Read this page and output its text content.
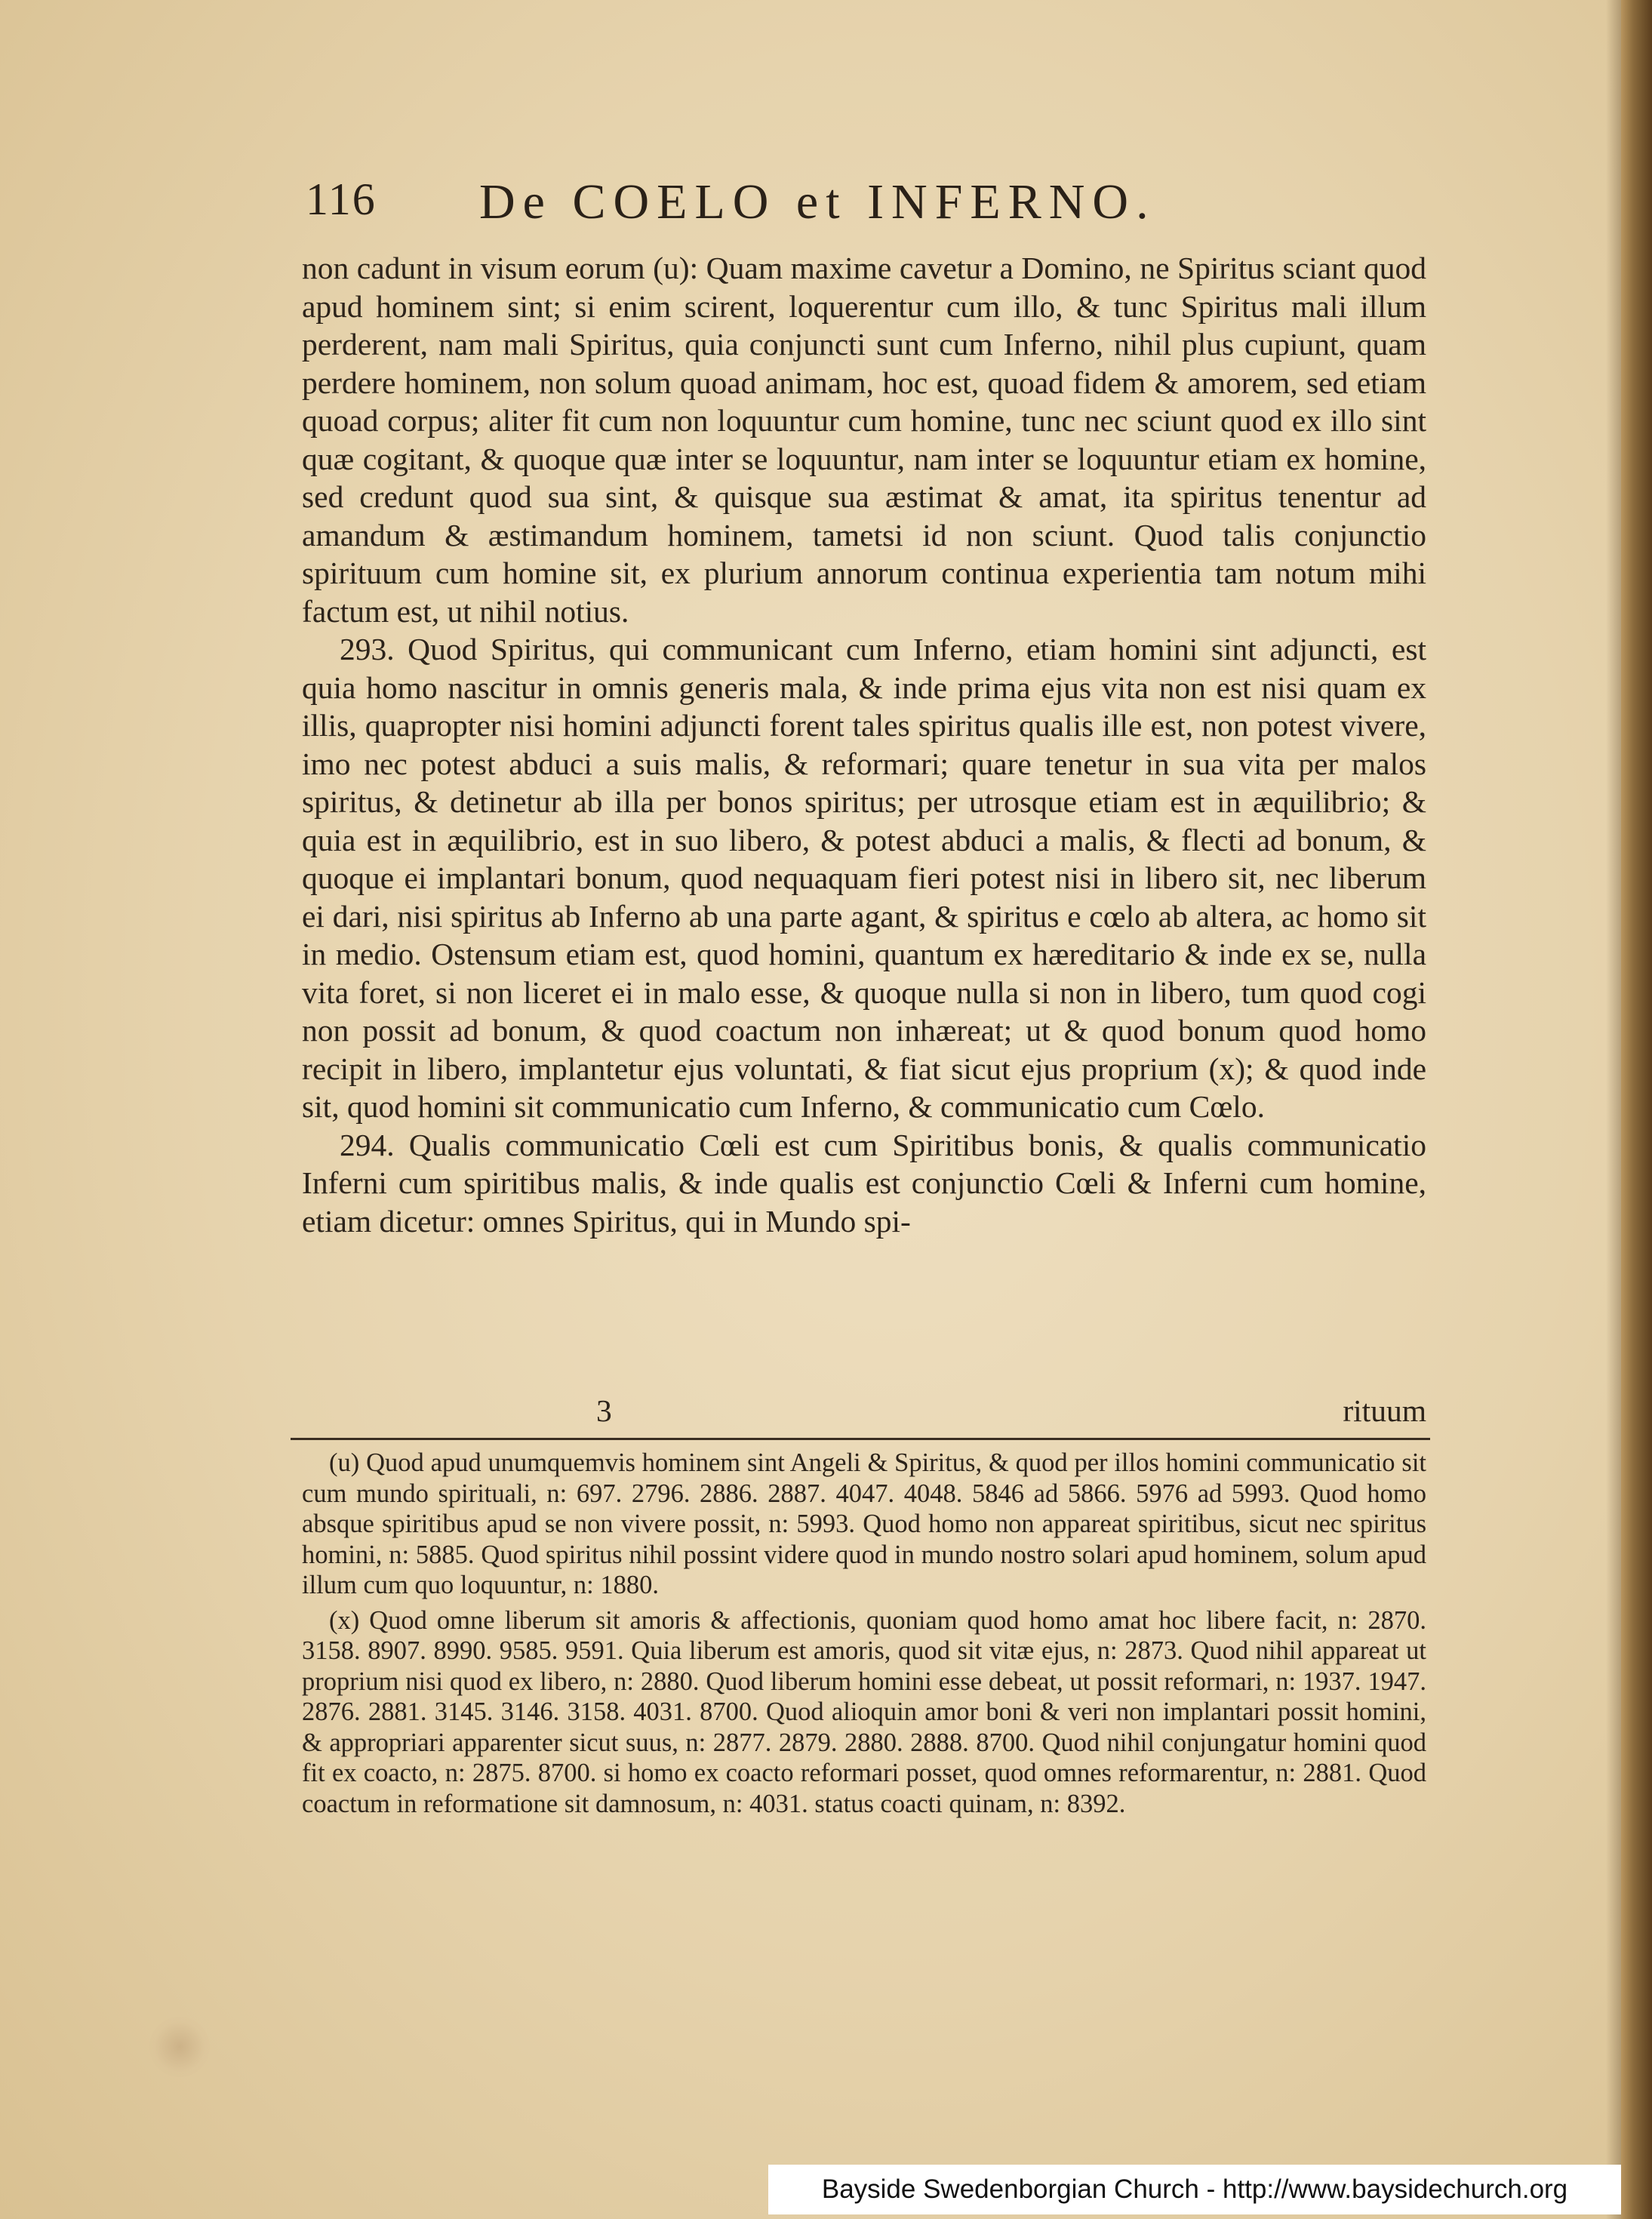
116 De COELO et INFERNO.

non cadunt in visum eorum (u): Quam maxime cavetur a Domino, ne Spiritus sciant quod apud hominem sint; si enim scirent, loquerentur cum illo, & tunc Spiritus mali illum perderent, nam mali Spiritus, quia conjuncti sunt cum Inferno, nihil plus cupiunt, quam perdere hominem, non solum quoad animam, hoc est, quoad fidem & amorem, sed etiam quoad corpus; aliter fit cum non loquuntur cum homine, tunc nec sciunt quod ex illo sint quæ cogitant, & quoque quæ inter se loquuntur, nam inter se loquuntur etiam ex homine, sed credunt quod sua sint, & quisque sua æstimat & amat, ita spiritus tenentur ad amandum & æstimandum hominem, tametsi id non sciunt. Quod talis conjunctio spirituum cum homine sit, ex plurium annorum continua experientia tam notum mihi factum est, ut nihil notius.

293. Quod Spiritus, qui communicant cum Inferno, etiam homini sint adjuncti, est quia homo nascitur in omnis generis mala, & inde prima ejus vita non est nisi quam ex illis, quapropter nisi homini adjuncti forent tales spiritus qualis ille est, non potest vivere, imo nec potest abduci a suis malis, & reformari; quare tenetur in sua vita per malos spiritus, & detinetur ab illa per bonos spiritus; per utrosque etiam est in æquilibrio; & quia est in æquilibrio, est in suo libero, & potest abduci a malis, & flecti ad bonum, & quoque ei implantari bonum, quod nequaquam fieri potest nisi in libero sit, nec liberum ei dari, nisi spiritus ab Inferno ab una parte agant, & spiritus e cœlo ab altera, ac homo sit in medio. Ostensum etiam est, quod homini, quantum ex hæreditario & inde ex se, nulla vita foret, si non liceret ei in malo esse, & quoque nulla si non in libero, tum quod cogi non possit ad bonum, & quod coactum non inhæreat; ut & quod bonum quod homo recipit in libero, implantetur ejus voluntati, & fiat sicut ejus proprium (x); & quod inde sit, quod homini sit communicatio cum Inferno, & communicatio cum Cœlo.

294. Qualis communicatio Cœli est cum Spiritibus bonis, & qualis communicatio Inferni cum spiritibus malis, & inde qualis est conjunctio Cœli & Inferni cum homine, etiam dicetur: omnes Spiritus, qui in Mundo spi-

3	rituum

(u) Quod apud unumquemvis hominem sint Angeli & Spiritus, & quod per illos homini communicatio sit cum mundo spirituali, n: 697. 2796. 2886. 2887. 4047. 4048. 5846 ad 5866. 5976 ad 5993. Quod homo absque spiritibus apud se non vivere possit, n: 5993. Quod homo non appareat spiritibus, sicut nec spiritus homini, n: 5885. Quod spiritus nihil possint videre quod in mundo nostro solari apud hominem, solum apud illum cum quo loquuntur, n: 1880.

(x) Quod omne liberum sit amoris & affectionis, quoniam quod homo amat hoc libere facit, n: 2870. 3158. 8907. 8990. 9585. 9591. Quia liberum est amoris, quod sit vitæ ejus, n: 2873. Quod nihil appareat ut proprium nisi quod ex libero, n: 2880. Quod liberum homini esse debeat, ut possit reformari, n: 1937. 1947. 2876. 2881. 3145. 3146. 3158. 4031. 8700. Quod alioquin amor boni & veri non implantari possit homini, & appropriari apparenter sicut suus, n: 2877. 2879. 2880. 2888. 8700. Quod nihil conjungatur homini quod fit ex coacto, n: 2875. 8700. si homo ex coacto reformari posset, quod omnes reformarentur, n: 2881. Quod coactum in reformatione sit damnosum, n: 4031. status coacti quinam, n: 8392.

Bayside Swedenborgian Church - http://www.baysidechurch.org
